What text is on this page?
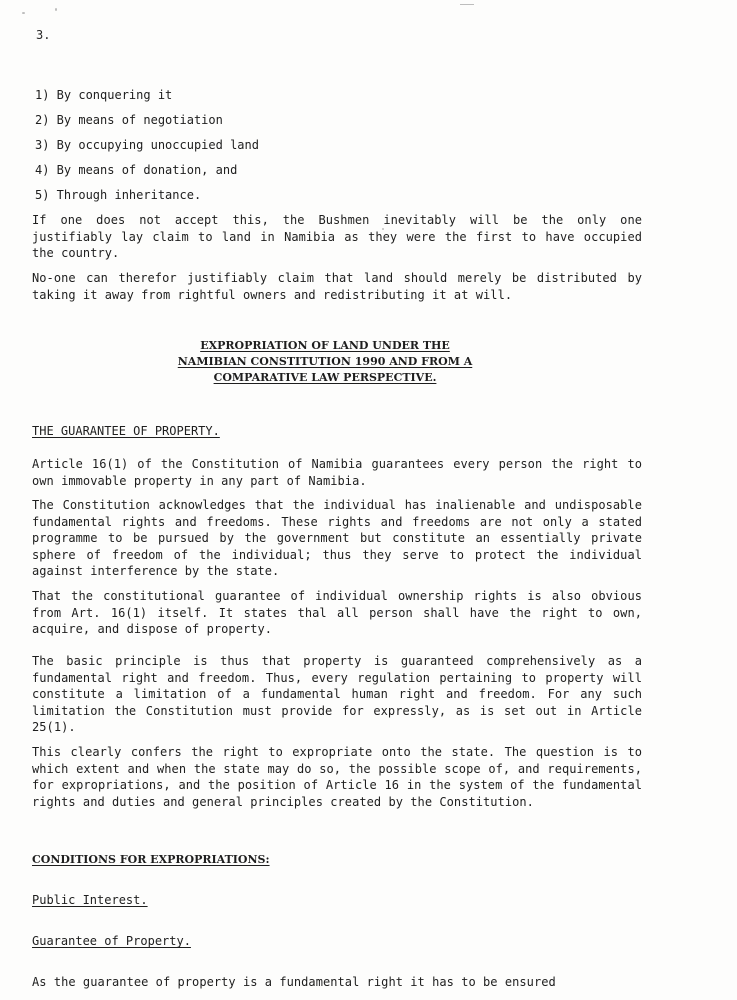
3.
1) By conquering it
2) By means of negotiation
3) By occupying unoccupied land
4) By means of donation, and
5) Through inheritance.

If one does not accept this, the Bushmen inevitably will be the only one justifiably lay claim to land in Namibia as they were the first to have occupied the country.

No-one can therefor justifiably claim that land should merely be distributed by taking it away from rightful owners and redistributing it at will.

EXPROPRIATION OF LAND UNDER THE
NAMIBIAN CONSTITUTION 1990 AND FROM A
COMPARATIVE LAW PERSPECTIVE.
THE GUARANTEE OF PROPERTY.

Article 16(1) of the Constitution of Namibia guarantees every person the right to own immovable property in any part of Namibia.

The Constitution acknowledges that the individual has inalienable and undisposable fundamental rights and freedoms. These rights and freedoms are not only a stated programme to be pursued by the government but constitute an essentially private sphere of freedom of the individual; thus they serve to protect the individual against interference by the state.

That the constitutional guarantee of individual ownership rights is also obvious from Art. 16(1) itself. It states thal all person shall have the right to own, acquire, and dispose of property.

The basic principle is thus that property is guaranteed comprehensively as a fundamental right and freedom. Thus, every regulation pertaining to property will constitute a limitation of a fundamental human right and freedom. For any such limitation the Constitution must provide for expressly, as is set out in Article 25(1).

This clearly confers the right to expropriate onto the state. The question is to which extent and when the state may do so, the possible scope of, and requirements, for expropriations, and the position of Article 16 in the system of the fundamental rights and duties and general principles created by the Constitution.

CONDITIONS FOR EXPROPRIATIONS:
Public Interest.
Guarantee of Property.

As the guarantee of property is a fundamental right it has to be ensured
